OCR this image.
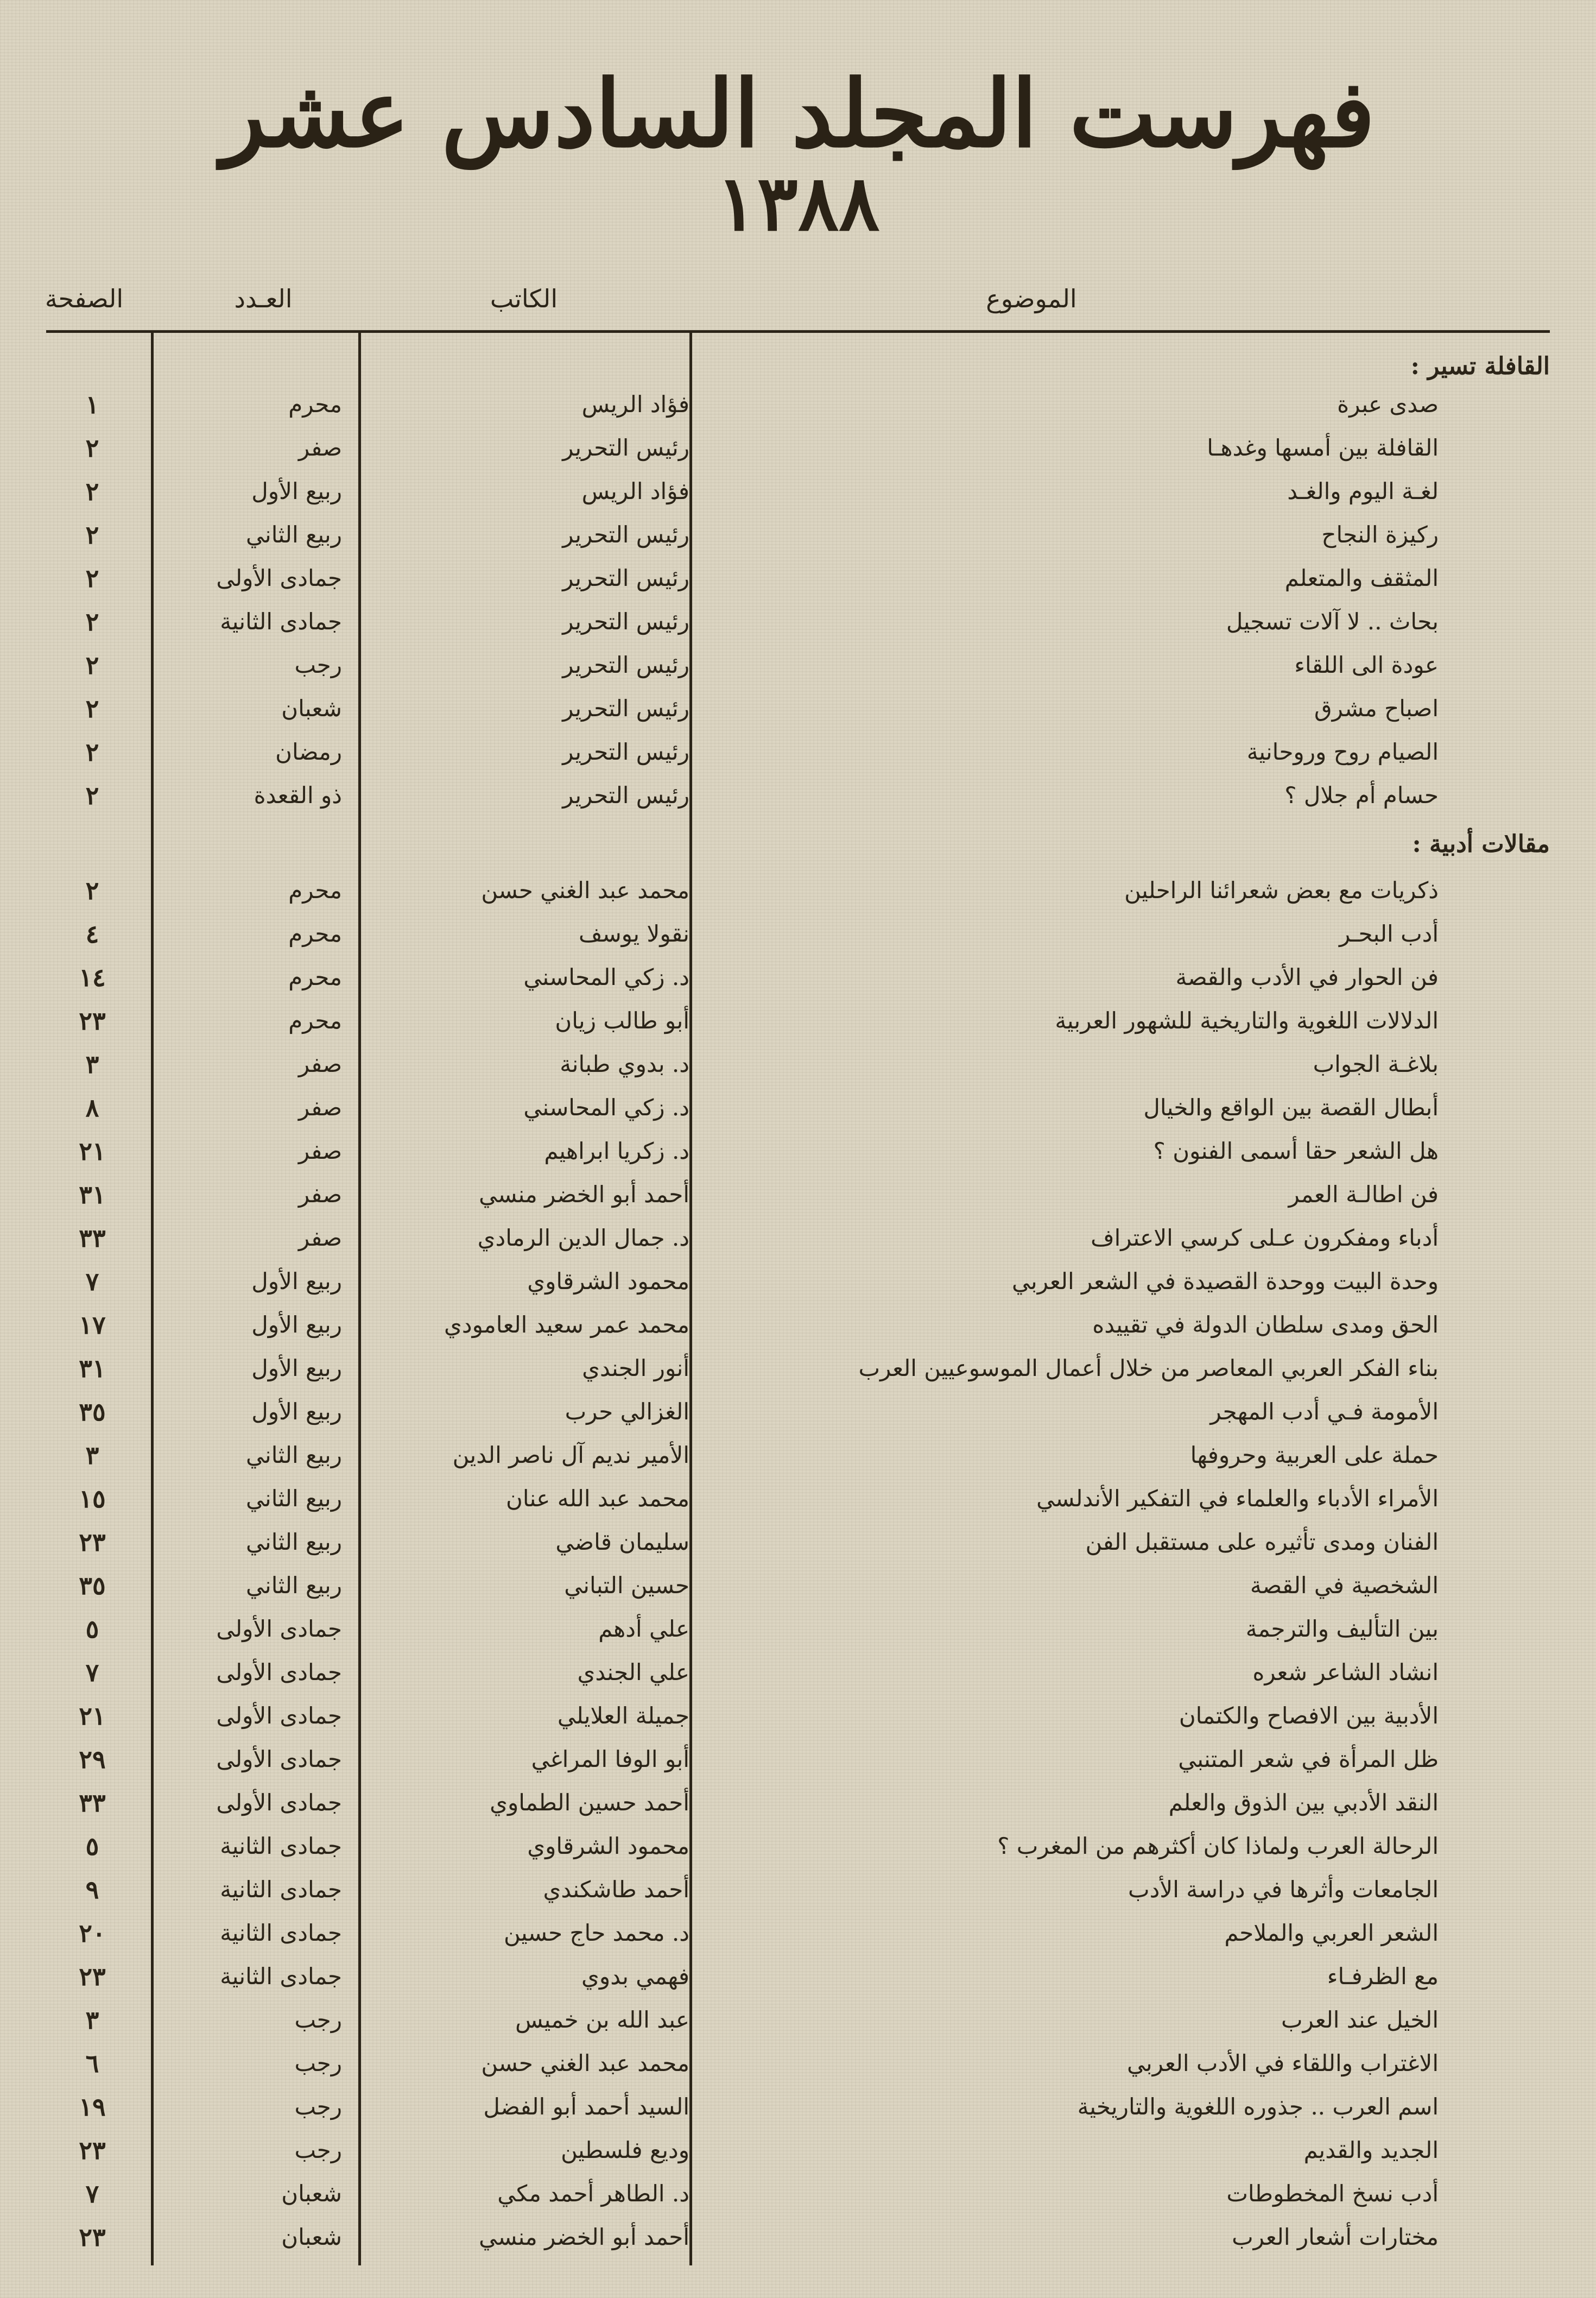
فهرست المجلد السادس عشر
١٣٨٨
الموضوع
الكاتب
العـدد
الصفحة
القافلة تسير :
صدى عبرة
فؤاد الريس
محرم
١
القافلة بين أمسها وغدهـا
رئيس التحرير
صفر
٢
لغـة اليوم والغـد
فؤاد الريس
ربيع الأول
٢
ركيزة النجاح
رئيس التحرير
ربيع الثاني
٢
المثقف والمتعلم
رئيس التحرير
جمادى الأولى
٢
بحاث .. لا آلات تسجيل
رئيس التحرير
جمادى الثانية
٢
عودة الى اللقاء
رئيس التحرير
رجب
٢
اصباح مشرق
رئيس التحرير
شعبان
٢
الصيام روح وروحانية
رئيس التحرير
رمضان
٢
حسام أم جلال ؟
رئيس التحرير
ذو القعدة
٢
مقالات أدبية :
ذكريات مع بعض شعرائنا الراحلين
محمد عبد الغني حسن
محرم
٢
أدب البحـر
نقولا يوسف
محرم
٤
فن الحوار في الأدب والقصة
د. زكي المحاسني
محرم
١٤
الدلالات اللغوية والتاريخية للشهور العربية
أبو طالب زيان
محرم
٢٣
بلاغـة الجواب
د. بدوي طبانة
صفر
٣
أبطال القصة بين الواقع والخيال
د. زكي المحاسني
صفر
٨
هل الشعر حقا أسمى الفنون ؟
د. زكريا ابراهيم
صفر
٢١
فن اطالـة العمر
أحمد أبو الخضر منسي
صفر
٣١
أدباء ومفكرون عـلى كرسي الاعتراف
د. جمال الدين الرمادي
صفر
٣٣
وحدة البيت ووحدة القصيدة في الشعر العربي
محمود الشرقاوي
ربيع الأول
٧
الحق ومدى سلطان الدولة في تقييده
محمد عمر سعيد العامودي
ربيع الأول
١٧
بناء الفكر العربي المعاصر من خلال أعمال الموسوعيين العرب
أنور الجندي
ربيع الأول
٣١
الأمومة فـي أدب المهجر
الغزالي حرب
ربيع الأول
٣٥
حملة على العربية وحروفها
الأمير نديم آل ناصر الدين
ربيع الثاني
٣
الأمراء الأدباء والعلماء في التفكير الأندلسي
محمد عبد الله عنان
ربيع الثاني
١٥
الفنان ومدى تأثيره على مستقبل الفن
سليمان قاضي
ربيع الثاني
٢٣
الشخصية في القصة
حسين التباني
ربيع الثاني
٣٥
بين التأليف والترجمة
علي أدهم
جمادى الأولى
٥
انشاد الشاعر شعره
علي الجندي
جمادى الأولى
٧
الأدبية بين الافصاح والكتمان
جميلة العلايلي
جمادى الأولى
٢١
ظل المرأة في شعر المتنبي
أبو الوفا المراغي
جمادى الأولى
٢٩
النقد الأدبي بين الذوق والعلم
أحمد حسين الطماوي
جمادى الأولى
٣٣
الرحالة العرب ولماذا كان أكثرهم من المغرب ؟
محمود الشرقاوي
جمادى الثانية
٥
الجامعات وأثرها في دراسة الأدب
أحمد طاشكندي
جمادى الثانية
٩
الشعر العربي والملاحم
د. محمد حاج حسين
جمادى الثانية
٢٠
مع الظرفـاء
فهمي بدوي
جمادى الثانية
٢٣
الخيل عند العرب
عبد الله بن خميس
رجب
٣
الاغتراب واللقاء في الأدب العربي
محمد عبد الغني حسن
رجب
٦
اسم العرب .. جذوره اللغوية والتاريخية
السيد أحمد أبو الفضل
رجب
١٩
الجديد والقديم
وديع فلسطين
رجب
٢٣
أدب نسخ المخطوطات
د. الطاهر أحمد مكي
شعبان
٧
مختارات أشعار العرب
أحمد أبو الخضر منسي
شعبان
٢٣
